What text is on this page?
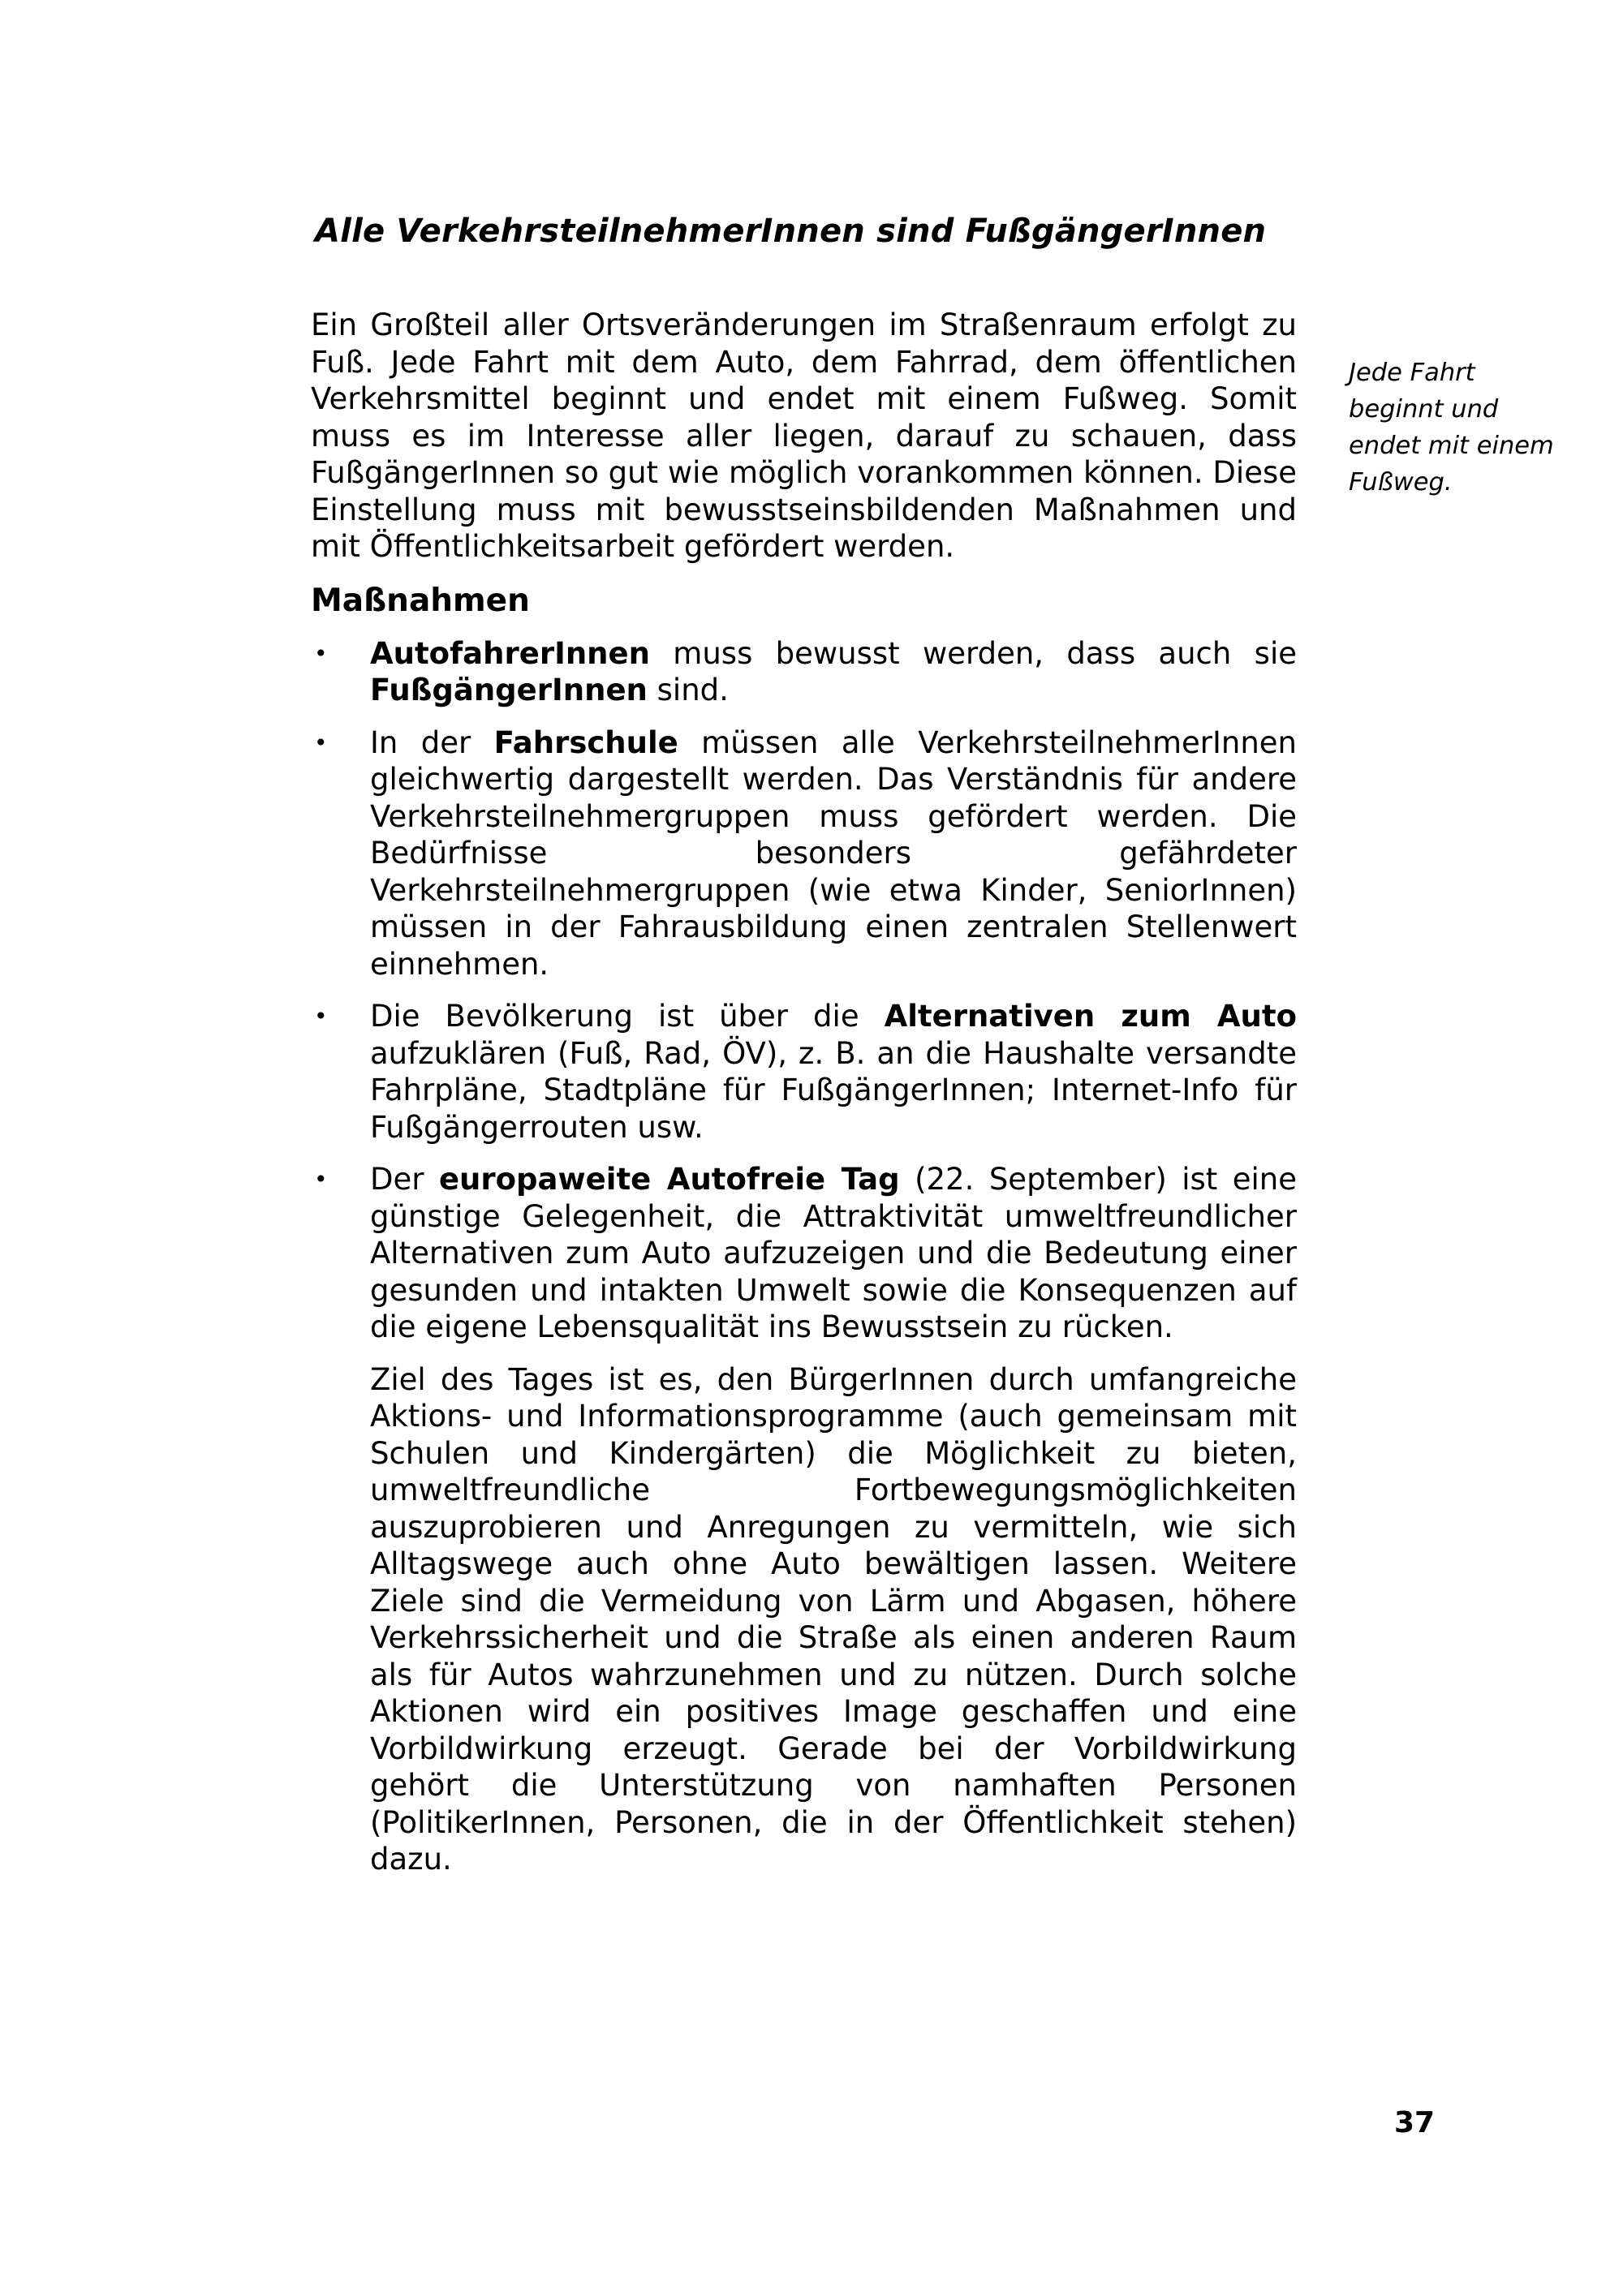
Alle VerkehrsteilnehmerInnen sind FußgängerInnen
Jede Fahrt beginnt und endet mit einem Fußweg.

Ein Großteil aller Ortsveränderungen im Straßenraum erfolgt zu Fuß. Jede Fahrt mit dem Auto, dem Fahrrad, dem öffentlichen Verkehrsmittel beginnt und endet mit einem Fußweg. Somit muss es im Interesse aller liegen, darauf zu schauen, dass FußgängerInnen so gut wie möglich vorankommen können. Diese Einstellung muss mit bewusstseinsbildenden Maßnahmen und mit Öffentlichkeitsarbeit gefördert werden.

Maßnahmen
•	AutofahrerInnen muss bewusst werden, dass auch sie FußgängerInnen sind.

•	In der Fahrschule müssen alle VerkehrsteilnehmerInnen gleichwertig dargestellt werden. Das Verständnis für andere Verkehrsteilnehmergruppen muss gefördert werden. Die Bedürfnisse besonders gefährdeter Verkehrsteilnehmergruppen (wie etwa Kinder, SeniorInnen) müssen in der Fahrausbildung einen zentralen Stellenwert einnehmen.

•	Die Bevölkerung ist über die Alternativen zum Auto aufzuklären (Fuß, Rad, ÖV), z. B. an die Haushalte versandte Fahrpläne, Stadtpläne für FußgängerInnen; Internet-Info für Fußgängerrouten usw.

•	Der europaweite Autofreie Tag (22. September) ist eine günstige Gelegenheit, die Attraktivität umweltfreundlicher Alternativen zum Auto aufzuzeigen und die Bedeutung einer gesunden und intakten Umwelt sowie die Konsequenzen auf die eigene Lebensqualität ins Bewusstsein zu rücken.

Ziel des Tages ist es, den BürgerInnen durch umfangreiche Aktions- und Informationsprogramme (auch gemeinsam mit Schulen und Kindergärten) die Möglichkeit zu bieten, umweltfreundliche Fortbewegungsmöglichkeiten auszuprobieren und Anregungen zu vermitteln, wie sich Alltagswege auch ohne Auto bewältigen lassen. Weitere Ziele sind die Vermeidung von Lärm und Abgasen, höhere Verkehrssicherheit und die Straße als einen anderen Raum als für Autos wahrzunehmen und zu nützen. Durch solche Aktionen wird ein positives Image geschaffen und eine Vorbildwirkung erzeugt. Gerade bei der Vorbildwirkung gehört die Unterstützung von namhaften Personen (PolitikerInnen, Personen, die in der Öffentlichkeit stehen) dazu.

37
